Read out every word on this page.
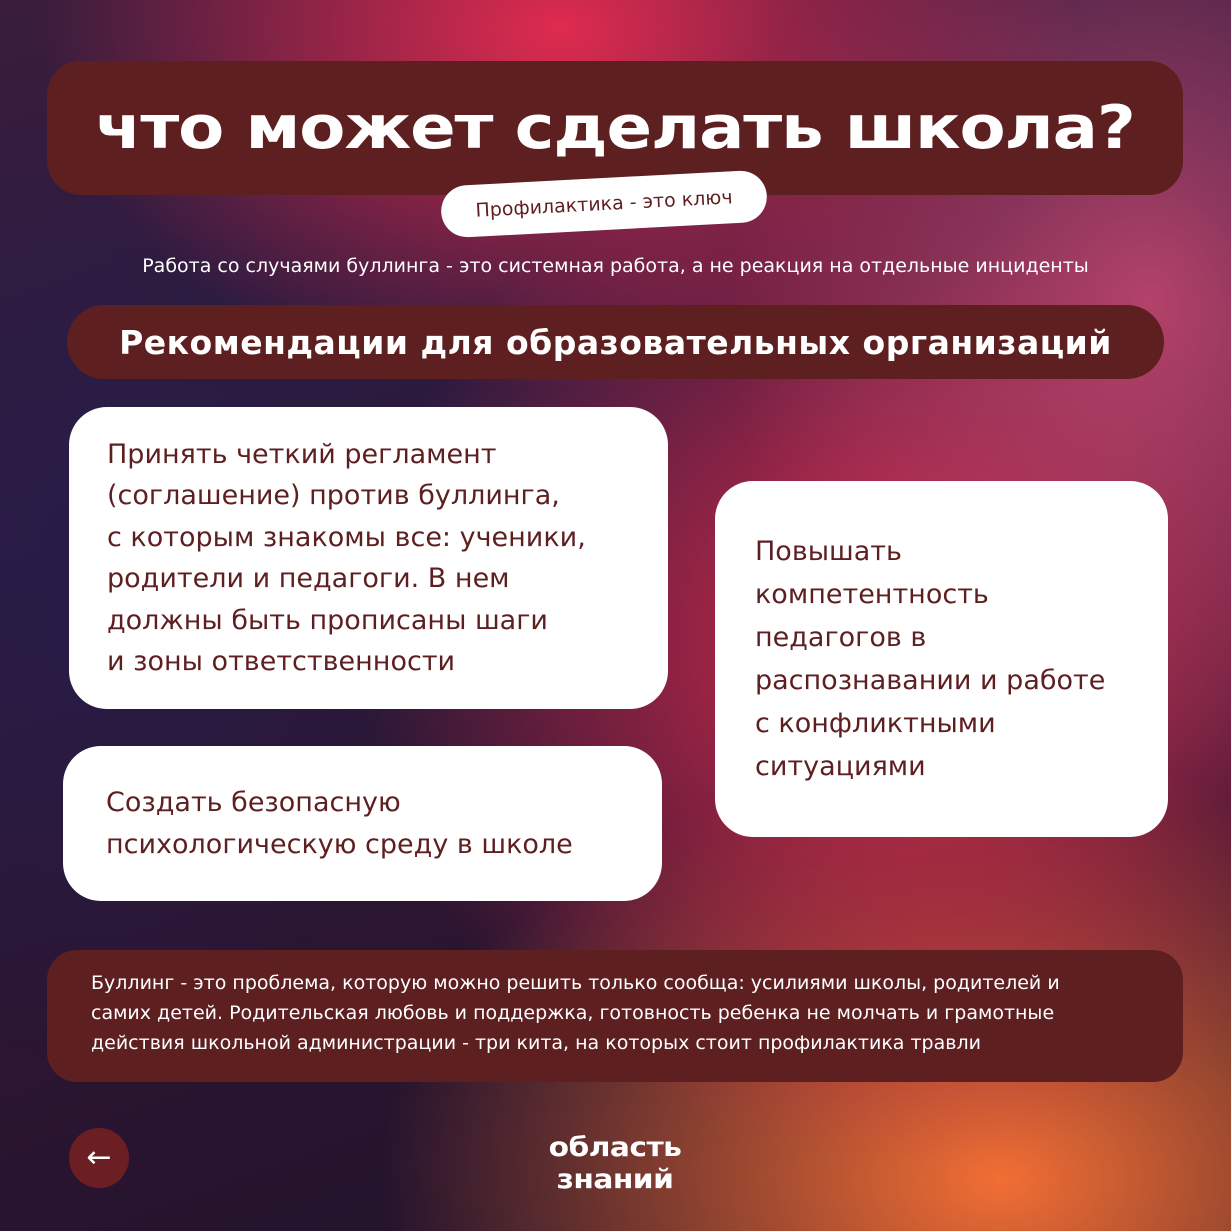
что может сделать школа?
Профилактика - это ключ
Работа со случаями буллинга - это системная работа, а не реакция на отдельные инциденты
Рекомендации для образовательных организаций
Принять четкий регламент
(соглашение) против буллинга,
с которым знакомы все: ученики,
родители и педагоги. В нем
должны быть прописаны шаги
и зоны ответственности
Создать безопасную
психологическую среду в школе
Повышать
компетентность
педагогов в
распознавании и работе
с конфликтными
ситуациями
Буллинг - это проблема, которую можно решить только сообща: усилиями школы, родителей и
самих детей. Родительская любовь и поддержка, готовность ребенка не молчать и грамотные
действия школьной администрации - три кита, на которых стоит профилактика травли
←	область
знаний
